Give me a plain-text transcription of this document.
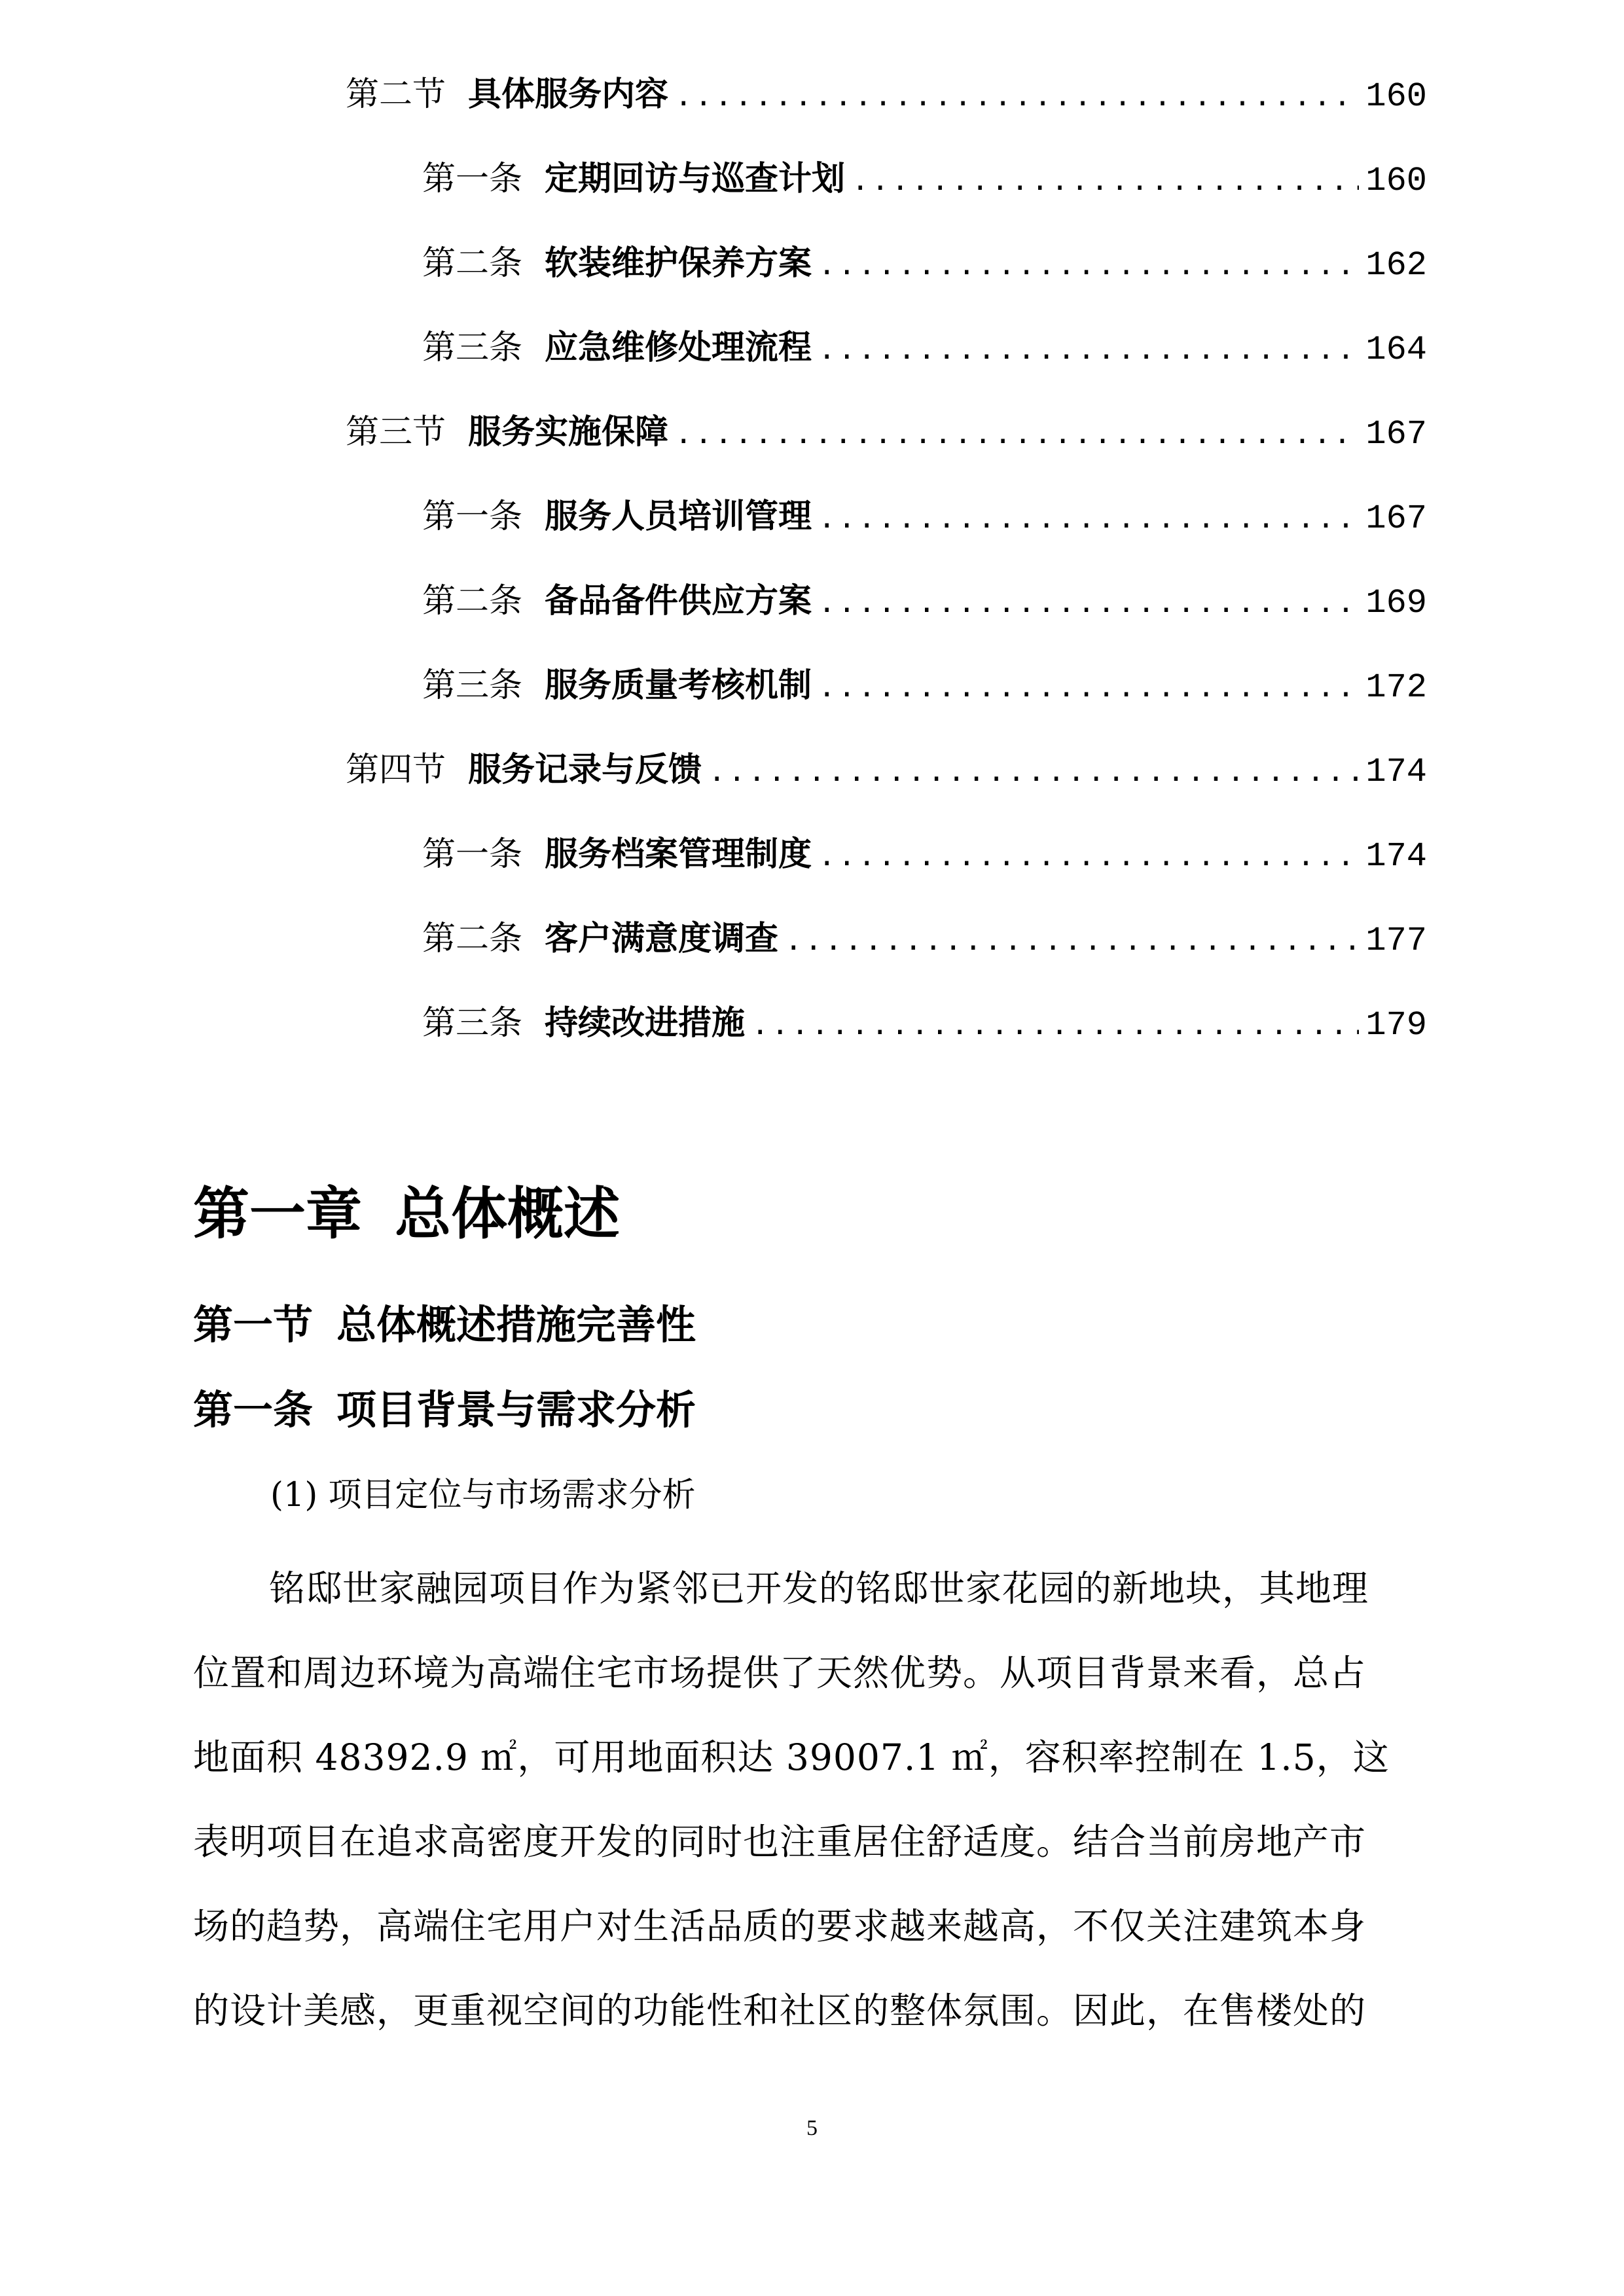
第二节 具体服务内容 .....	160
第一条 定期回访与巡查计划 .....	160
第二条 软装维护保养方案 .....	162
第三条 应急维修处理流程 .....	164
第三节 服务实施保障 .....	167
第一条 服务人员培训管理 .....	167
第二条 备品备件供应方案 .....	169
第三条 服务质量考核机制 .....	172
第四节 服务记录与反馈 .....	174
第一条 服务档案管理制度 .....	174
第二条 客户满意度调查 .....	177
第三条 持续改进措施 .....	179
第一章 总体概述
第一节 总体概述措施完善性
第一条 项目背景与需求分析
(1) 项目定位与市场需求分析
铭邸世家融园项目作为紧邻已开发的铭邸世家花园的新地块，其地理
位置和周边环境为高端住宅市场提供了天然优势。从项目背景来看，总占
地面积 48392.9 ㎡，可用地面积达 39007.1 ㎡，容积率控制在 1.5，这
表明项目在追求高密度开发的同时也注重居住舒适度。结合当前房地产市
场的趋势，高端住宅用户对生活品质的要求越来越高，不仅关注建筑本身
的设计美感，更重视空间的功能性和社区的整体氛围。因此，在售楼处的
5
